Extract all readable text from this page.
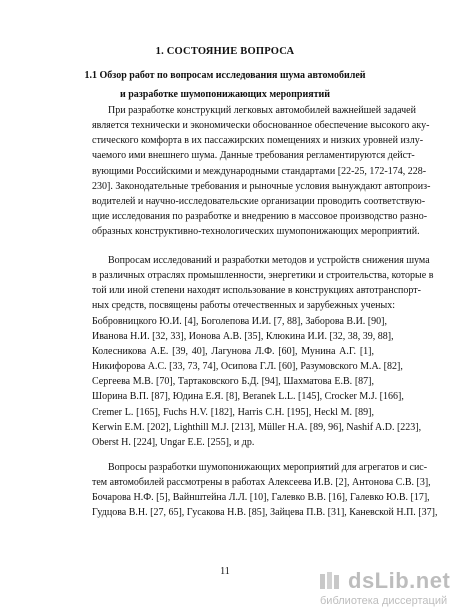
1. СОСТОЯНИЕ ВОПРОСА
1.1 Обзор работ по вопросам исследования шума автомобилей
и разработке шумопонижающих мероприятий
При разработке конструкций легковых автомобилей важнейшей задачей
является технически и экономически обоснованное обеспечение высокого аку-
стического комфорта в их пассажирских помещениях и низких уровней излу-
чаемого ими внешнего шума. Данные требования регламентируются дейст-
вующими Российскими и международными стандартами [22-25, 172-174, 228-
230]. Законодательные требования и рыночные условия вынуждают автопроиз-
водителей и научно-исследовательские организации проводить соответствую-
щие исследования по разработке и внедрению в массовое производство разно-
образных конструктивно-технологических шумопонижающих мероприятий.
Вопросам исследований и разработки методов и устройств снижения шума
в различных отраслях промышленности, энергетики и строительства, которые в
той или иной степени находят использование в конструкциях автотранспорт-
ных средств, посвящены работы отечественных и зарубежных ученых:
Бобровницкого Ю.И. [4], Боголепова И.И. [7, 88], Заборова В.И. [90],
Иванова Н.И. [32, 33], Ионова А.В. [35], Клюкина И.И. [32, 38, 39, 88],
Колесникова А.Е. [39, 40], Лагунова Л.Ф. [60], Мунина А.Г. [1],
Никифорова А.С. [33, 73, 74], Осипова Г.Л. [60], Разумовского М.А. [82],
Сергеева М.В. [70], Тартаковского Б.Д. [94], Шахматова Е.В. [87],
Шорина В.П. [87], Юдина Е.Я. [8], Beranek L.L. [145], Crocker M.J. [166],
Cremer L. [165], Fuchs H.V. [182], Harris C.H. [195], Heckl M. [89],
Kerwin E.M. [202], Lighthill M.J. [213], Müller H.A. [89, 96], Nashif A.D. [223],
Oberst H. [224], Ungar E.E. [255], и др.
Вопросы разработки шумопонижающих мероприятий для агрегатов и сис-
тем автомобилей рассмотрены в работах Алексеева И.В. [2], Антонова С.В. [3],
Бочарова Н.Ф. [5], Вайнштейна Л.Л. [10], Галевко В.В. [16], Галевко Ю.В. [17],
Гудцова В.Н. [27, 65], Гусакова Н.В. [85], Зайцева П.В. [31], Каневской Н.П. [37],
11	dsLib.net
библиотека диссертаций
